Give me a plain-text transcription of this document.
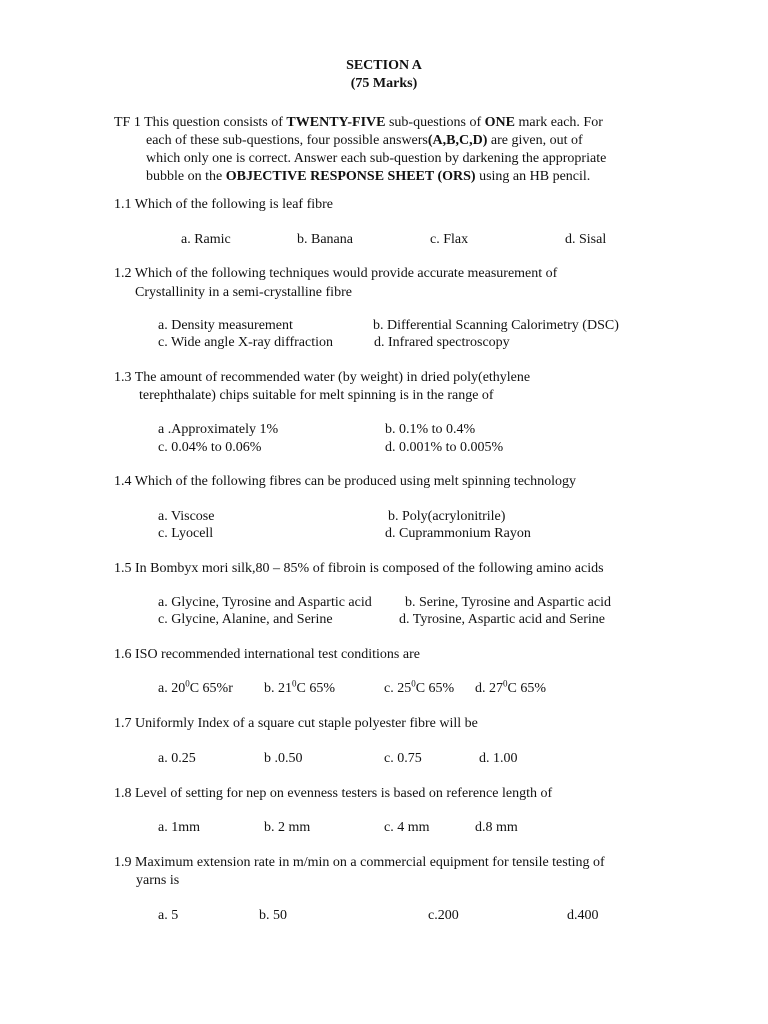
SECTION A
(75 Marks)
TF 1 This question consists of TWENTY-FIVE sub-questions of ONE mark each. For
each of these sub-questions, four possible answers(A,B,C,D) are given, out of
which only one is correct. Answer each sub-question by darkening the appropriate
bubble on the OBJECTIVE RESPONSE SHEET (ORS) using an HB pencil.
1.1 Which of the following is leaf fibre
a. Ramic	b. Banana	c. Flax	d. Sisal
1.2 Which of the following techniques would provide accurate measurement of
Crystallinity in a semi-crystalline fibre
a. Density measurement	b. Differential Scanning Calorimetry (DSC)
c. Wide angle X-ray diffraction	d. Infrared spectroscopy
1.3 The amount of recommended water (by weight) in dried poly(ethylene
terephthalate) chips suitable for melt spinning is in the range of
a .Approximately 1%	b. 0.1% to 0.4%
c. 0.04% to 0.06%	d. 0.001% to 0.005%
1.4 Which of the following fibres can be produced using melt spinning technology
a. Viscose	b. Poly(acrylonitrile)
c. Lyocell	d. Cuprammonium Rayon
1.5 In Bombyx mori silk,80 – 85% of fibroin is composed of the following amino acids
a. Glycine, Tyrosine and Aspartic acid b. Serine, Tyrosine and Aspartic acid
c. Glycine, Alanine, and Serine	d. Tyrosine, Aspartic acid and Serine
1.6 ISO recommended international test conditions are
a. $20^0C$ 65%r b. $21^0C$ 65%	c. $25^0C$ 65% d. $27^0C$ 65%
1.7 Uniformly Index of a square cut staple polyester fibre will be
a. 0.25	b .0.50	c. 0.75	d. 1.00
1.8 Level of setting for nep on evenness testers is based on reference length of
a. 1mm	b. 2 mm	c. 4 mm	d.8 mm
1.9 Maximum extension rate in m/min on a commercial equipment for tensile testing of
yarns is
a. 5	b. 50	c.200	d.400
